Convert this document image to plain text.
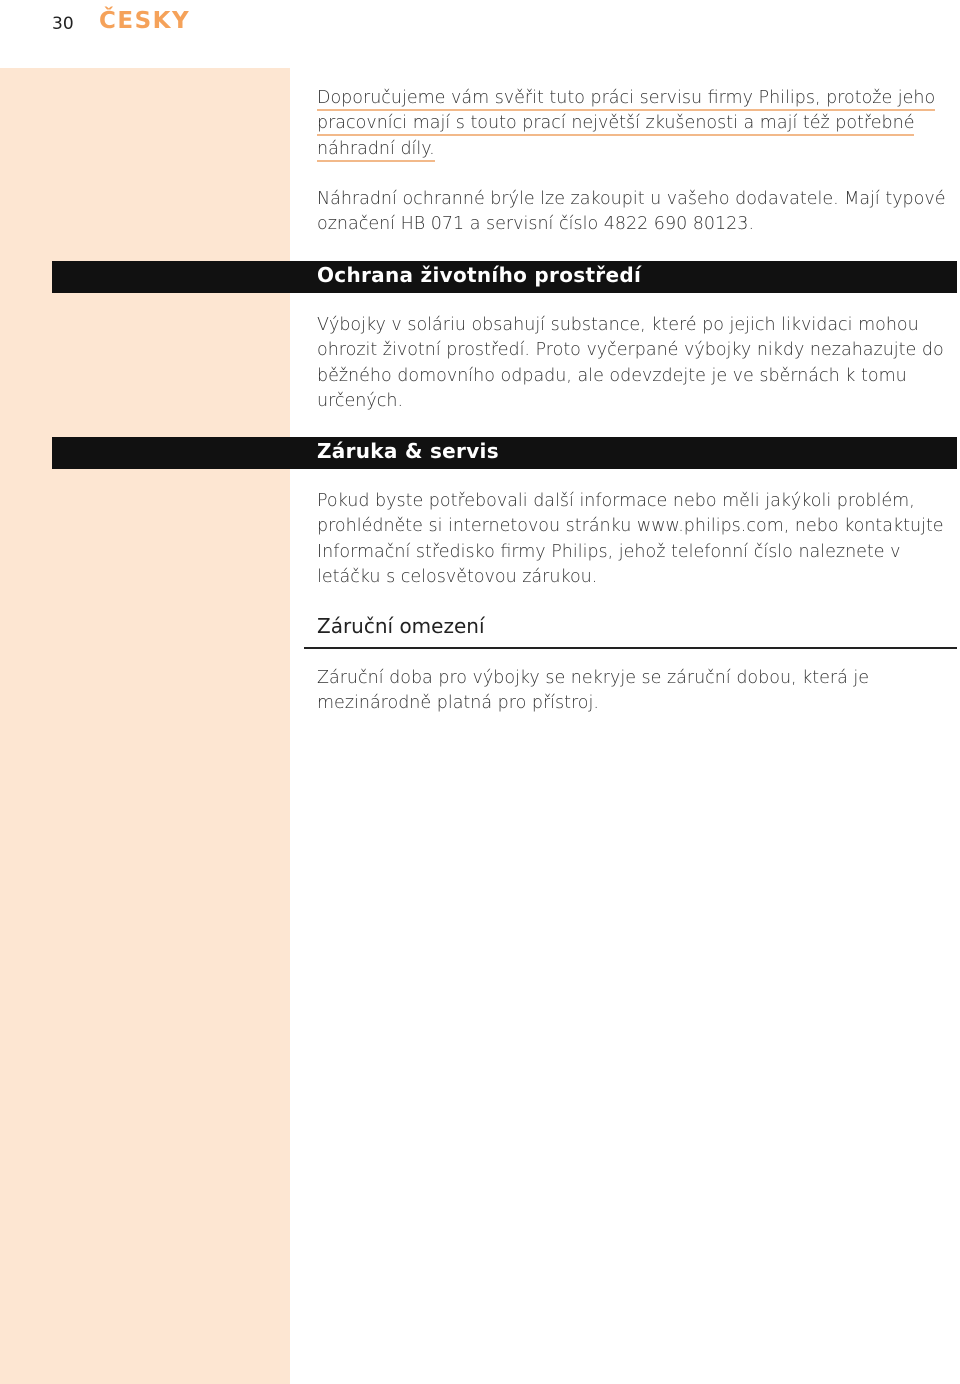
30 ČESKY
Doporučujeme vám svěřit tuto práci servisu firmy Philips, protože jeho
pracovníci mají s touto prací největší zkušenosti a mají též potřebné
náhradní díly.
Náhradní ochranné brýle lze zakoupit u vašeho dodavatele. Mají typové
označení HB 071 a servisní číslo 4822 690 80123.
Ochrana životního prostředí
Výbojky v soláriu obsahují substance, které po jejich likvidaci mohou
ohrozit životní prostředí. Proto vyčerpané výbojky nikdy nezahazujte do
běžného domovního odpadu, ale odevzdejte je ve sběrnách k tomu
určených.
Záruka & servis
Pokud byste potřebovali další informace nebo měli jakýkoli problém,
prohlédněte si internetovou stránku www.philips.com, nebo kontaktujte
Informační středisko firmy Philips, jehož telefonní číslo naleznete v
letáčku s celosvětovou zárukou.
Záruční omezení
Záruční doba pro výbojky se nekryje se záruční dobou, která je
mezinárodně platná pro přístroj.
